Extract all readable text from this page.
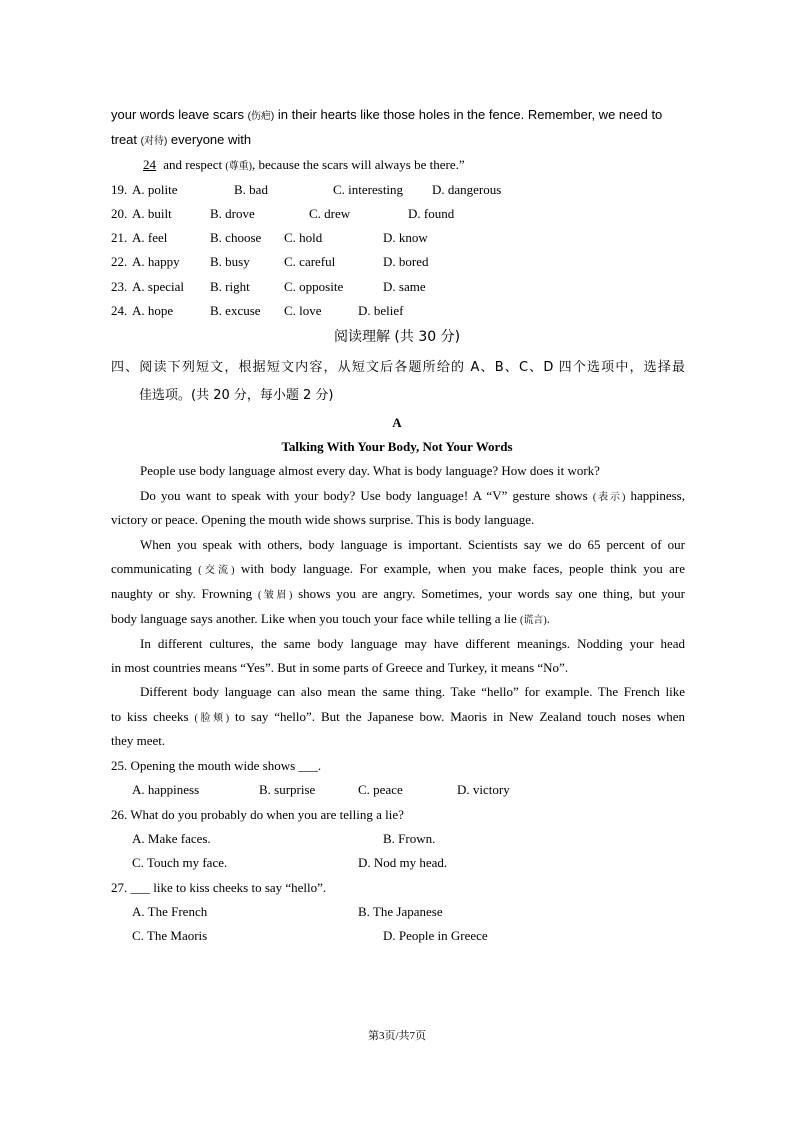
your words leave scars (伤疤) in their hearts like those holes in the fence. Remember, we need to
treat (对待) everyone with
24 and respect (尊重), because the scars will always be there.”
19. A. polite	B. bad	C. interesting D. dangerous
20. A. built	B. drove	C. drew	D. found
21. A. feel	B. choose C. hold	D. know
22. A. happy B. busy	C. careful	D. bored
23. A. special B. right	C. opposite	D. same
24. A. hope	B. excuse C. love	D. belief
阅读理解 (共 30 分)
四、阅读下列短文，根据短文内容，从短文后各题所给的 A、B、C、D 四个选项中，选择最
佳选项。(共 20 分，每小题 2 分)
A
Talking With Your Body, Not Your Words
People use body language almost every day. What is body language? How does it work?
Do you want to speak with your body? Use body language! A “V” gesture shows (表示) happiness,
victory or peace. Opening the mouth wide shows surprise. This is body language.
When you speak with others, body language is important. Scientists say we do 65 percent of our
communicating (交流) with body language. For example, when you make faces, people think you are
naughty or shy. Frowning (皱眉) shows you are angry. Sometimes, your words say one thing, but your
body language says another. Like when you touch your face while telling a lie (谎言).
In different cultures, the same body language may have different meanings. Nodding your head
in most countries means “Yes”. But in some parts of Greece and Turkey, it means “No”.
Different body language can also mean the same thing. Take “hello” for example. The French like
to kiss cheeks (脸颊) to say “hello”. But the Japanese bow. Maoris in New Zealand touch noses when
they meet.
25. Opening the mouth wide shows ___.
A. happiness	B. surprise	C. peace	D. victory
26. What do you probably do when you are telling a lie?
A. Make faces.	B. Frown.
C. Touch my face.	D. Nod my head.
27. ___ like to kiss cheeks to say “hello”.
A. The French	B. The Japanese
C. The Maoris	D. People in Greece
第3页/共7页
